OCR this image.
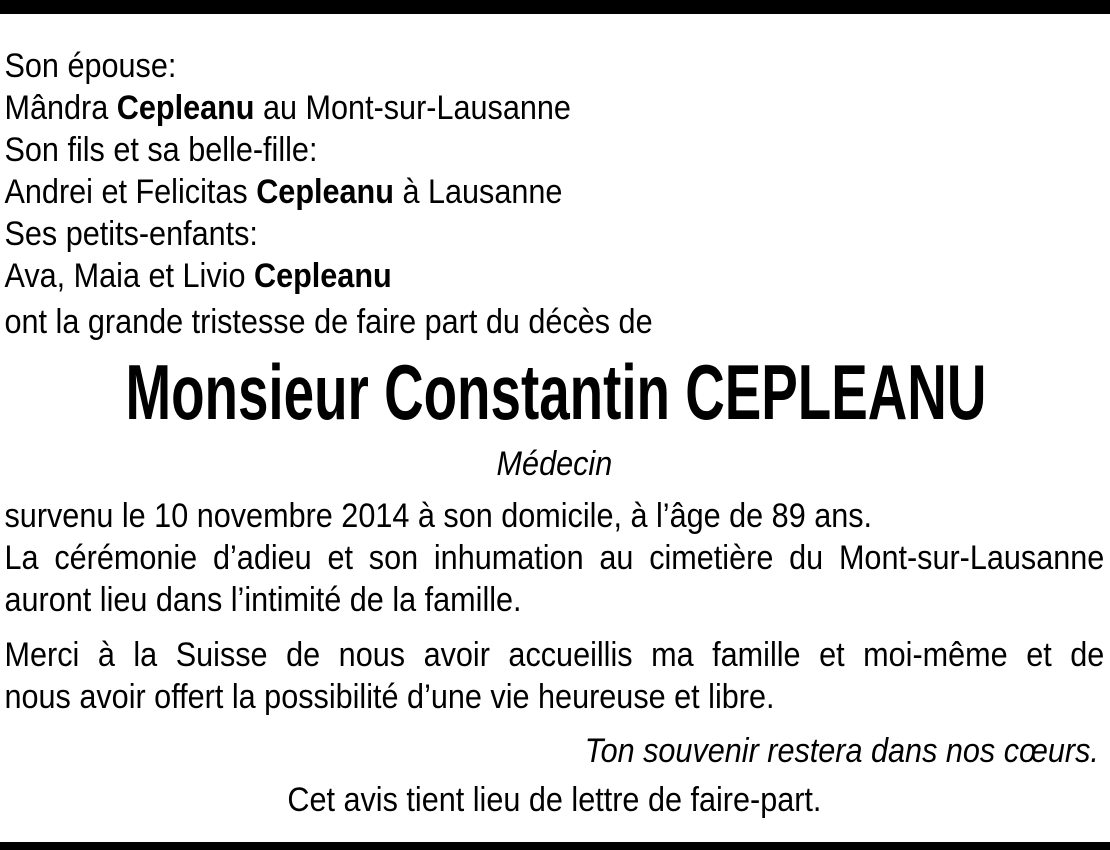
Son épouse:
Mândra Cepleanu au Mont-sur-Lausanne
Son fils et sa belle-fille:
Andrei et Felicitas Cepleanu à Lausanne
Ses petits-enfants:
Ava, Maia et Livio Cepleanu
ont la grande tristesse de faire part du décès de
Monsieur Constantin CEPLEANU
Médecin
survenu le 10 novembre 2014 à son domicile, à l’âge de 89 ans.
La cérémonie d’adieu et son inhumation au cimetière du Mont-sur-Lausanne
auront lieu dans l’intimité de la famille.
Merci à la Suisse de nous avoir accueillis ma famille et moi-même et de
nous avoir offert la possibilité d’une vie heureuse et libre.
Ton souvenir restera dans nos cœurs.
Cet avis tient lieu de lettre de faire-part.
